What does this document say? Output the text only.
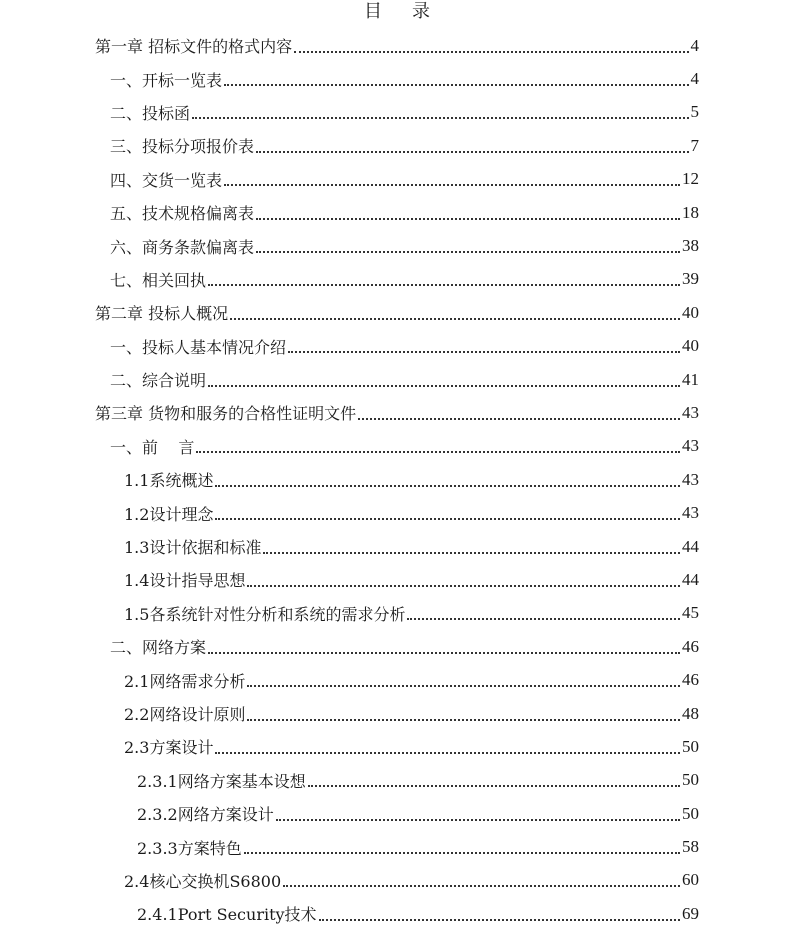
目录
第一章 招标文件的格式内容	4
一、开标一览表	4
二、投标函	5
三、投标分项报价表	7
四、交货一览表	12
五、技术规格偏离表	18
六、商务条款偏离表	38
七、相关回执	39
第二章 投标人概况	40
一、投标人基本情况介绍	40
二、综合说明	41
第三章 货物和服务的合格性证明文件	43
一、前    言	43
1.1系统概述	43
1.2设计理念	43
1.3设计依据和标准	44
1.4设计指导思想	44
1.5各系统针对性分析和系统的需求分析	45
二、网络方案	46
2.1网络需求分析	46
2.2网络设计原则	48
2.3方案设计	50
2.3.1网络方案基本设想	50
2.3.2网络方案设计	50
2.3.3方案特色	58
2.4核心交换机S6800	60
2.4.1Port Security技术	69
